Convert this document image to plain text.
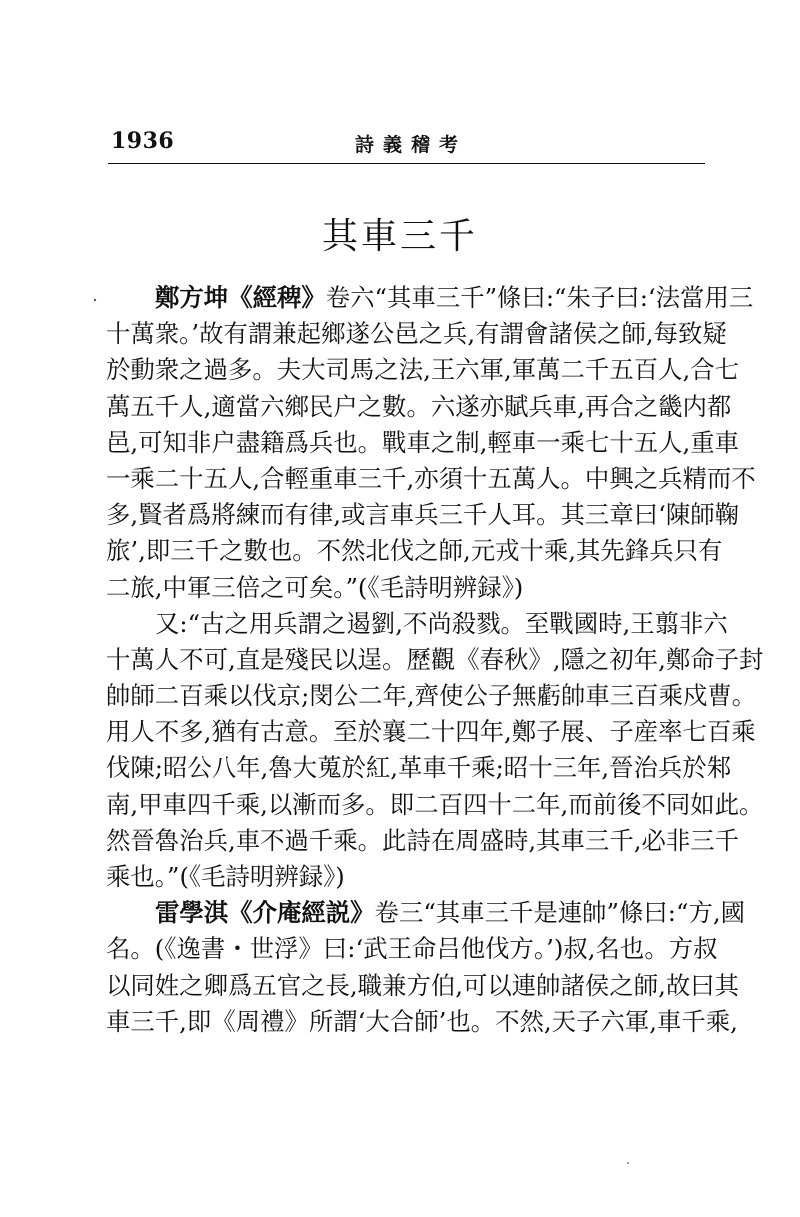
1936	詩義稽考
其車三千
鄭方坤《經稗》卷六“其車三千”條曰:“朱子曰:‘法當用三
十萬衆。’故有謂兼起鄉遂公邑之兵,有謂會諸侯之師,每致疑
於動衆之過多。夫大司馬之法,王六軍,軍萬二千五百人,合七
萬五千人,適當六鄉民户之數。六遂亦賦兵車,再合之畿内都
邑,可知非户盡籍爲兵也。戰車之制,輕車一乘七十五人,重車
一乘二十五人,合輕重車三千,亦須十五萬人。中興之兵精而不
多,賢者爲將練而有律,或言車兵三千人耳。其三章曰‘陳師鞠
旅’,即三千之數也。不然北伐之師,元戎十乘,其先鋒兵只有
二旅,中軍三倍之可矣。”(《毛詩明辨録》)
又:“古之用兵謂之遏劉,不尚殺戮。至戰國時,王翦非六
十萬人不可,直是殘民以逞。歷觀《春秋》,隱之初年,鄭命子封
帥師二百乘以伐京;閔公二年,齊使公子無虧帥車三百乘戍曹。
用人不多,猶有古意。至於襄二十四年,鄭子展、子産率七百乘
伐陳;昭公八年,魯大蒐於紅,革車千乘;昭十三年,晉治兵於邾
南,甲車四千乘,以漸而多。即二百四十二年,而前後不同如此。
然晉魯治兵,車不過千乘。此詩在周盛時,其車三千,必非三千
乘也。”(《毛詩明辨録》)
雷學淇《介庵經説》卷三“其車三千是連帥”條曰:“方,國
名。(《逸書・世浮》曰:‘武王命吕他伐方。’)叔,名也。方叔
以同姓之卿爲五官之長,職兼方伯,可以連帥諸侯之師,故曰其
車三千,即《周禮》所謂‘大合師’也。不然,天子六軍,車千乘,
